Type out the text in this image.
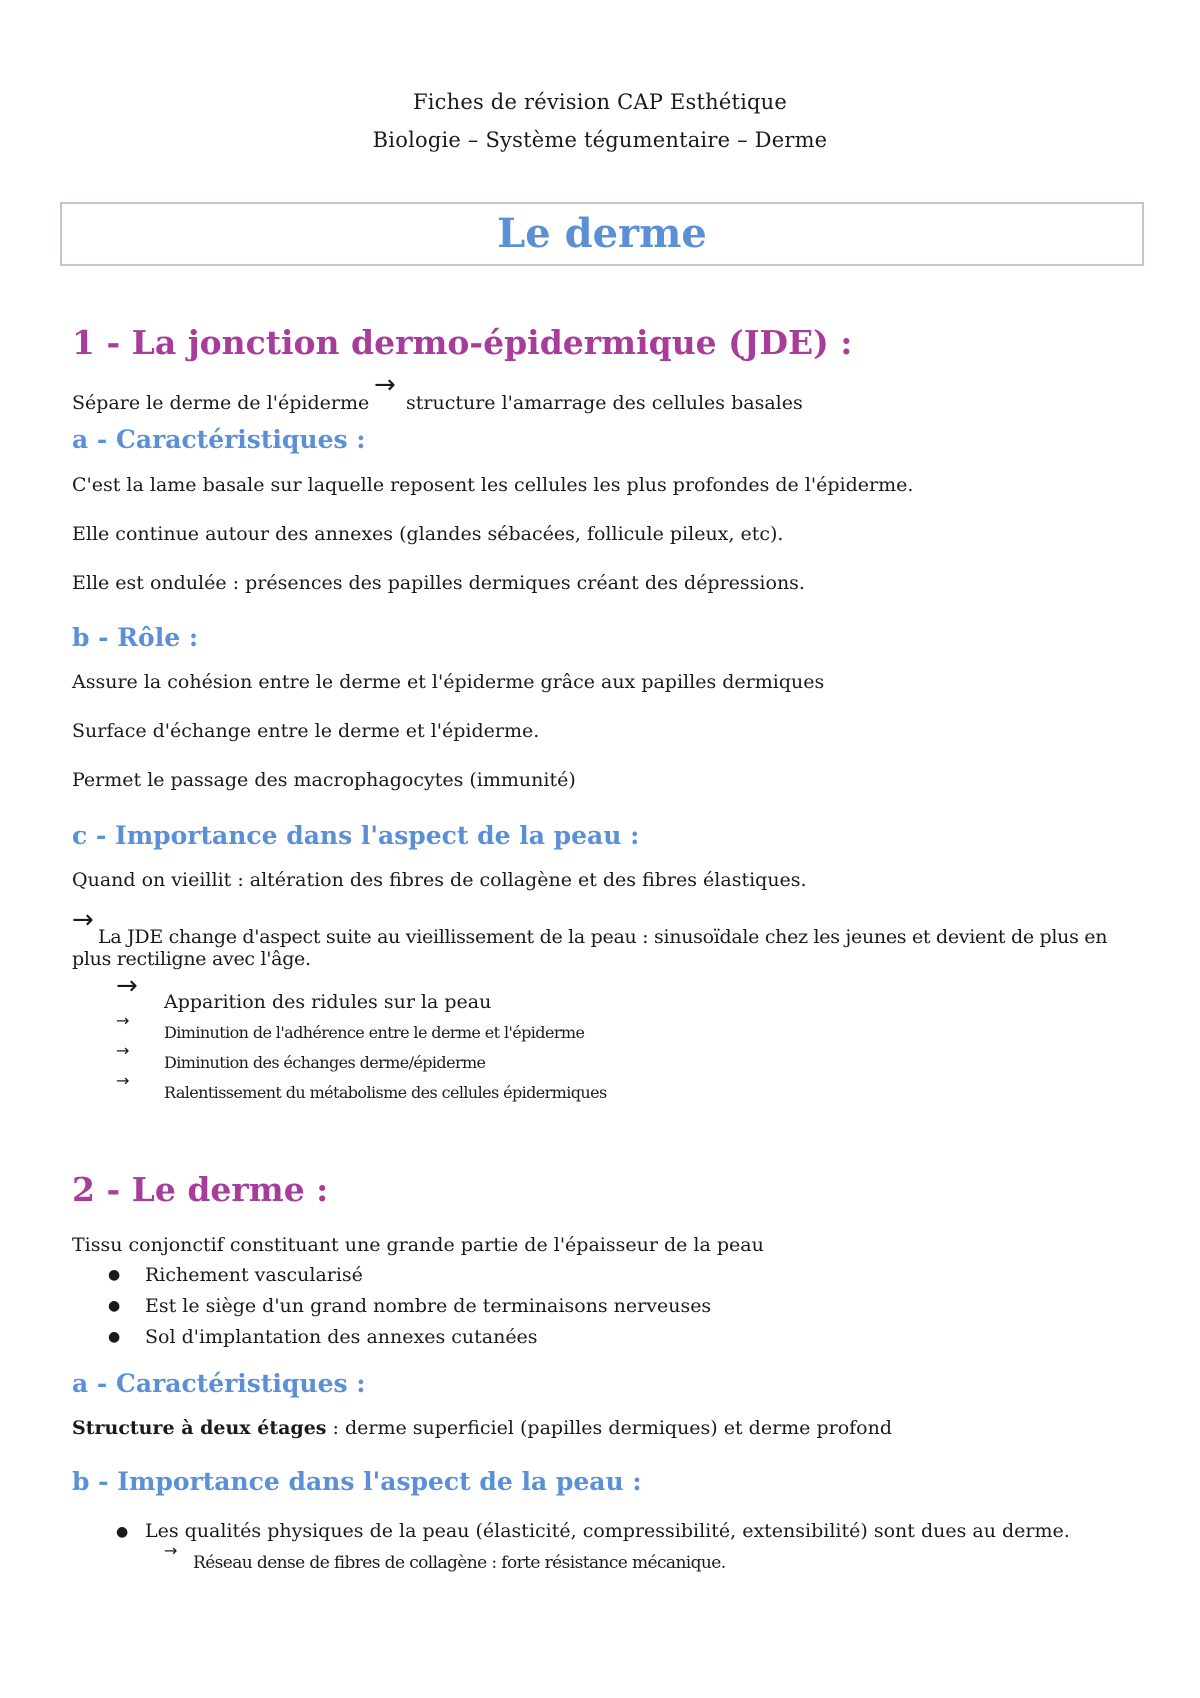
Fiches de révision CAP Esthétique
Biologie – Système tégumentaire – Derme
Le derme
1 - La jonction dermo-épidermique (JDE) :
Sépare le derme de l'épiderme
→
structure l'amarrage des cellules basales
a - Caractéristiques :
C'est la lame basale sur laquelle reposent les cellules les plus profondes de l'épiderme.
Elle continue autour des annexes (glandes sébacées, follicule pileux, etc).
Elle est ondulée : présences des papilles dermiques créant des dépressions.
b - Rôle :
Assure la cohésion entre le derme et l'épiderme grâce aux papilles dermiques
Surface d'échange entre le derme et l'épiderme.
Permet le passage des macrophagocytes (immunité)
c - Importance dans l'aspect de la peau :
Quand on vieillit : altération des fibres de collagène et des fibres élastiques.
→
La JDE change d'aspect suite au vieillissement de la peau : sinusoïdale chez les jeunes et devient de plus en plus rectiligne avec l'âge.
→
Apparition des ridules sur la peau
→
Diminution de l'adhérence entre le derme et l'épiderme
→
Diminution des échanges derme/épiderme
→
Ralentissement du métabolisme des cellules épidermiques
2 - Le derme :
Tissu conjonctif constituant une grande partie de l'épaisseur de la peau
● Richement vascularisé
● Est le siège d'un grand nombre de terminaisons nerveuses
● Sol d'implantation des annexes cutanées
a - Caractéristiques :
Structure à deux étages : derme superficiel (papilles dermiques) et derme profond
b - Importance dans l'aspect de la peau :
● Les qualités physiques de la peau (élasticité, compressibilité, extensibilité) sont dues au derme.
→
Réseau dense de fibres de collagène : forte résistance mécanique.
